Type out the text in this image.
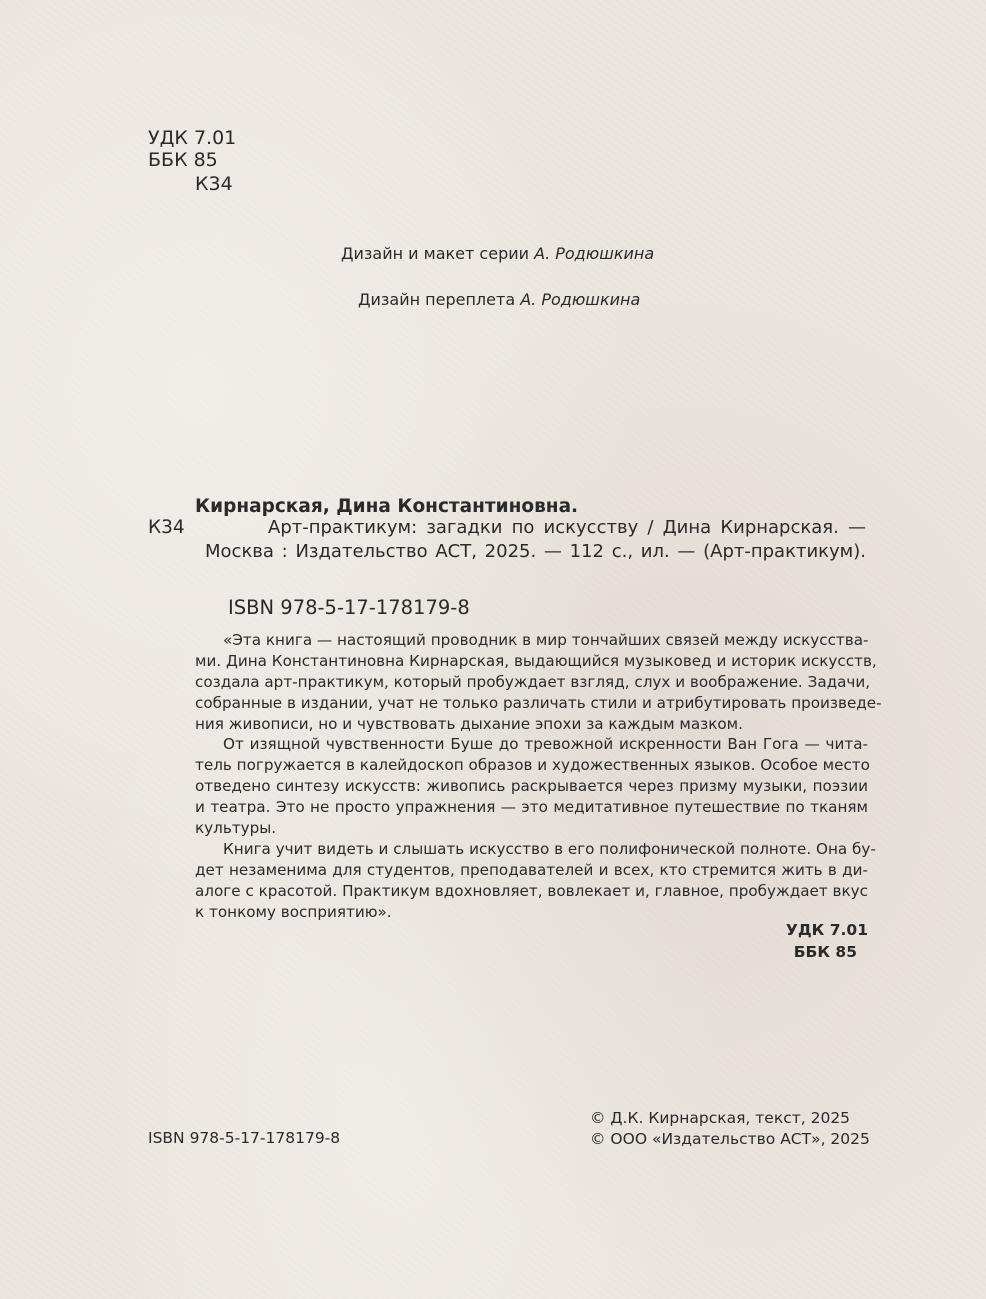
УДК 7.01
ББК 85
К34
Дизайн и макет серии А. Родюшкина
Дизайн переплета А. Родюшкина
Кирнарская, Дина Константиновна.
К34	Арт-практикум: загадки по искусству / Дина Кирнарская. —
Москва : Издательство АСТ, 2025. — 112 с., ил. — (Арт-практикум).
ISBN 978-5-17-178179-8
«Эта книга — настоящий проводник в мир тончайших связей между искусства-
ми. Дина Константиновна Кирнарская, выдающийся музыковед и историк искусств,
создала арт-практикум, который пробуждает взгляд, слух и воображение. Задачи,
собранные в издании, учат не только различать стили и атрибутировать произведе-
ния живописи, но и чувствовать дыхание эпохи за каждым мазком.
От изящной чувственности Буше до тревожной искренности Ван Гога — чита-
тель погружается в калейдоскоп образов и художественных языков. Особое место
отведено синтезу искусств: живопись раскрывается через призму музыки, поэзии
и театра. Это не просто упражнения — это медитативное путешествие по тканям
культуры.
Книга учит видеть и слышать искусство в его полифонической полноте. Она бу-
дет незаменима для студентов, преподавателей и всех, кто стремится жить в ди-
алоге с красотой. Практикум вдохновляет, вовлекает и, главное, пробуждает вкус
к тонкому восприятию».
УДК 7.01
ББК 85
ISBN 978-5-17-178179-8
© Д.К. Кирнарская, текст, 2025
© ООО «Издательство АСТ», 2025
